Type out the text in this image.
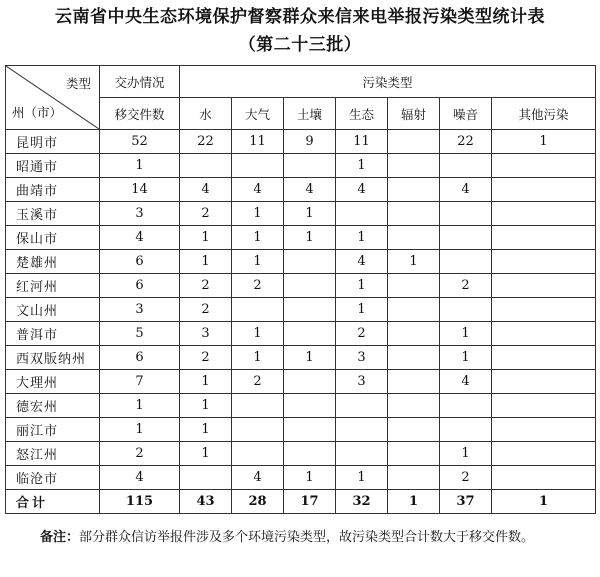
云南省中央生态环境保护督察群众来信来电举报污染类型统计表
（第二十三批）
类型
州（市）	交办情况	污染类型						
	移交件数	水	大气	土壤	生态	辐射	噪音	其他污染
昆明市	52	22	11	9	11		22	1
昭通市	1				1			
曲靖市	14	4	4	4	4		4	
玉溪市	3	2	1	1				
保山市	4	1	1	1	1			
楚雄州	6	1	1		4	1		
红河州	6	2	2		1		2	
文山州	3	2			1			
普洱市	5	3	1		2		1	
西双版纳州	6	2	1	1	3		1	
大理州	7	1	2		3		4	
德宏州	1	1						
丽江市	1	1						
怒江州	2	1					1	
临沧市	4		4	1	1		2	
合计	115	43	28	17	32	1	37	1
备注：部分群众信访举报件涉及多个环境污染类型，故污染类型合计数大于移交件数。
